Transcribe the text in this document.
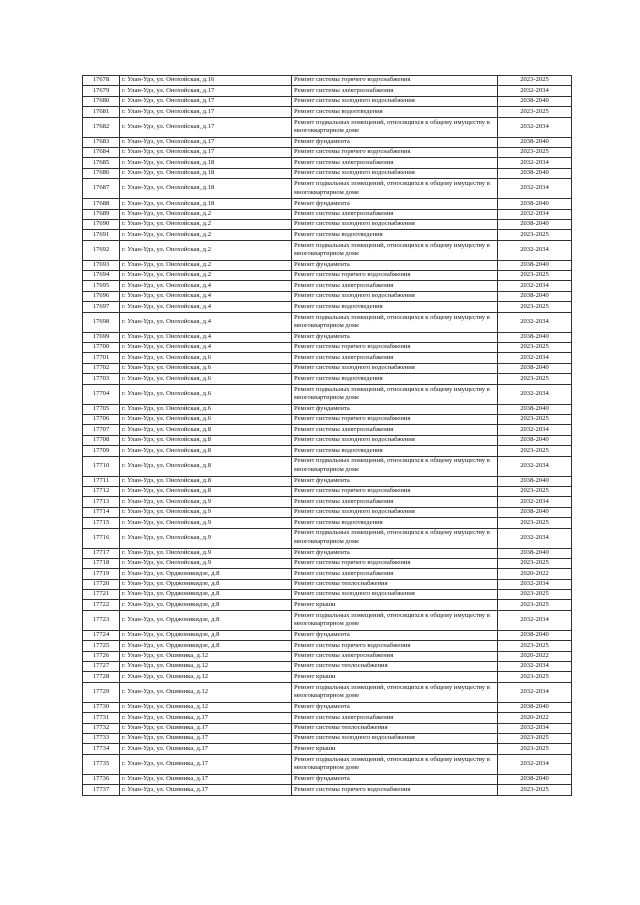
17678	г. Улан-Удэ, ул. Онохойская, д.16	Ремонт системы горячего водоснабжения	2023-2025
17679	г. Улан-Удэ, ул. Онохойская, д.17	Ремонт системы электроснабжения	2032-2034
17680	г. Улан-Удэ, ул. Онохойская, д.17	Ремонт системы холодного водоснабжения	2038-2040
17681	г. Улан-Удэ, ул. Онохойская, д.17	Ремонт системы водоотведения	2023-2025
17682	г. Улан-Удэ, ул. Онохойская, д.17	Ремонт подвальных помещений, относящихся к общему имуществу в многоквартирном доме	2032-2034
17683	г. Улан-Удэ, ул. Онохойская, д.17	Ремонт фундамента	2038-2040
17684	г. Улан-Удэ, ул. Онохойская, д.17	Ремонт системы горячего водоснабжения	2023-2025
17685	г. Улан-Удэ, ул. Онохойская, д.18	Ремонт системы электроснабжения	2032-2034
17686	г. Улан-Удэ, ул. Онохойская, д.18	Ремонт системы холодного водоснабжения	2038-2040
17687	г. Улан-Удэ, ул. Онохойская, д.18	Ремонт подвальных помещений, относящихся к общему имуществу в многоквартирном доме	2032-2034
17688	г. Улан-Удэ, ул. Онохойская, д.18	Ремонт фундамента	2038-2040
17689	г. Улан-Удэ, ул. Онохойская, д.2	Ремонт системы электроснабжения	2032-2034
17690	г. Улан-Удэ, ул. Онохойская, д.2	Ремонт системы холодного водоснабжения	2038-2040
17691	г. Улан-Удэ, ул. Онохойская, д.2	Ремонт системы водоотведения	2023-2025
17692	г. Улан-Удэ, ул. Онохойская, д.2	Ремонт подвальных помещений, относящихся к общему имуществу в многоквартирном доме	2032-2034
17693	г. Улан-Удэ, ул. Онохойская, д.2	Ремонт фундамента	2038-2040
17694	г. Улан-Удэ, ул. Онохойская, д.2	Ремонт системы горячего водоснабжения	2023-2025
17695	г. Улан-Удэ, ул. Онохойская, д.4	Ремонт системы электроснабжения	2032-2034
17696	г. Улан-Удэ, ул. Онохойская, д.4	Ремонт системы холодного водоснабжения	2038-2040
17697	г. Улан-Удэ, ул. Онохойская, д.4	Ремонт системы водоотведения	2023-2025
17698	г. Улан-Удэ, ул. Онохойская, д.4	Ремонт подвальных помещений, относящихся к общему имуществу в многоквартирном доме	2032-2034
17699	г. Улан-Удэ, ул. Онохойская, д.4	Ремонт фундамента	2038-2040
17700	г. Улан-Удэ, ул. Онохойская, д.4	Ремонт системы горячего водоснабжения	2023-2025
17701	г. Улан-Удэ, ул. Онохойская, д.6	Ремонт системы электроснабжения	2032-2034
17702	г. Улан-Удэ, ул. Онохойская, д.6	Ремонт системы холодного водоснабжения	2038-2040
17703	г. Улан-Удэ, ул. Онохойская, д.6	Ремонт системы водоотведения	2023-2025
17704	г. Улан-Удэ, ул. Онохойская, д.6	Ремонт подвальных помещений, относящихся к общему имуществу в многоквартирном доме	2032-2034
17705	г. Улан-Удэ, ул. Онохойская, д.6	Ремонт фундамента	2038-2040
17706	г. Улан-Удэ, ул. Онохойская, д.6	Ремонт системы горячего водоснабжения	2023-2025
17707	г. Улан-Удэ, ул. Онохойская, д.8	Ремонт системы электроснабжения	2032-2034
17708	г. Улан-Удэ, ул. Онохойская, д.8	Ремонт системы холодного водоснабжения	2038-2040
17709	г. Улан-Удэ, ул. Онохойская, д.8	Ремонт системы водоотведения	2023-2025
17710	г. Улан-Удэ, ул. Онохойская, д.8	Ремонт подвальных помещений, относящихся к общему имуществу в многоквартирном доме	2032-2034
17711	г. Улан-Удэ, ул. Онохойская, д.8	Ремонт фундамента	2038-2040
17712	г. Улан-Удэ, ул. Онохойская, д.8	Ремонт системы горячего водоснабжения	2023-2025
17713	г. Улан-Удэ, ул. Онохойская, д.9	Ремонт системы электроснабжения	2032-2034
17714	г. Улан-Удэ, ул. Онохойская, д.9	Ремонт системы холодного водоснабжения	2038-2040
17715	г. Улан-Удэ, ул. Онохойская, д.9	Ремонт системы водоотведения	2023-2025
17716	г. Улан-Удэ, ул. Онохойская, д.9	Ремонт подвальных помещений, относящихся к общему имуществу в многоквартирном доме	2032-2034
17717	г. Улан-Удэ, ул. Онохойская, д.9	Ремонт фундамента	2038-2040
17718	г. Улан-Удэ, ул. Онохойская, д.9	Ремонт системы горячего водоснабжения	2023-2025
17719	г. Улан-Удэ, ул. Орджоникидзе, д.8	Ремонт системы электроснабжения	2020-2022
17720	г. Улан-Удэ, ул. Орджоникидзе, д.8	Ремонт системы теплоснабжения	2032-2034
17721	г. Улан-Удэ, ул. Орджоникидзе, д.8	Ремонт системы холодного водоснабжения	2023-2025
17722	г. Улан-Удэ, ул. Орджоникидзе, д.8	Ремонт крыши	2023-2025
17723	г. Улан-Удэ, ул. Орджоникидзе, д.8	Ремонт подвальных помещений, относящихся к общему имуществу в многоквартирном доме	2032-2034
17724	г. Улан-Удэ, ул. Орджоникидзе, д.8	Ремонт фундамента	2038-2040
17725	г. Улан-Удэ, ул. Орджоникидзе, д.8	Ремонт системы горячего водоснабжения	2023-2025
17726	г. Улан-Удэ, ул. Ошмника, д.12	Ремонт системы электроснабжения	2020-2022
17727	г. Улан-Удэ, ул. Ошмника, д.12	Ремонт системы теплоснабжения	2032-2034
17728	г. Улан-Удэ, ул. Ошмника, д.12	Ремонт крыши	2023-2025
17729	г. Улан-Удэ, ул. Ошмника, д.12	Ремонт подвальных помещений, относящихся к общему имуществу в многоквартирном доме	2032-2034
17730	г. Улан-Удэ, ул. Ошмника, д.12	Ремонт фундамента	2038-2040
17731	г. Улан-Удэ, ул. Ошмника, д.17	Ремонт системы электроснабжения	2020-2022
17732	г. Улан-Удэ, ул. Ошмника, д.17	Ремонт системы теплоснабжения	2032-2034
17733	г. Улан-Удэ, ул. Ошмника, д.17	Ремонт системы холодного водоснабжения	2023-2025
17734	г. Улан-Удэ, ул. Ошмника, д.17	Ремонт крыши	2023-2025
17735	г. Улан-Удэ, ул. Ошмника, д.17	Ремонт подвальных помещений, относящихся к общему имуществу в многоквартирном доме	2032-2034
17736	г. Улан-Удэ, ул. Ошмника, д.17	Ремонт фундамента	2038-2040
17737	г. Улан-Удэ, ул. Ошмника, д.17	Ремонт системы горячего водоснабжения	2023-2025
